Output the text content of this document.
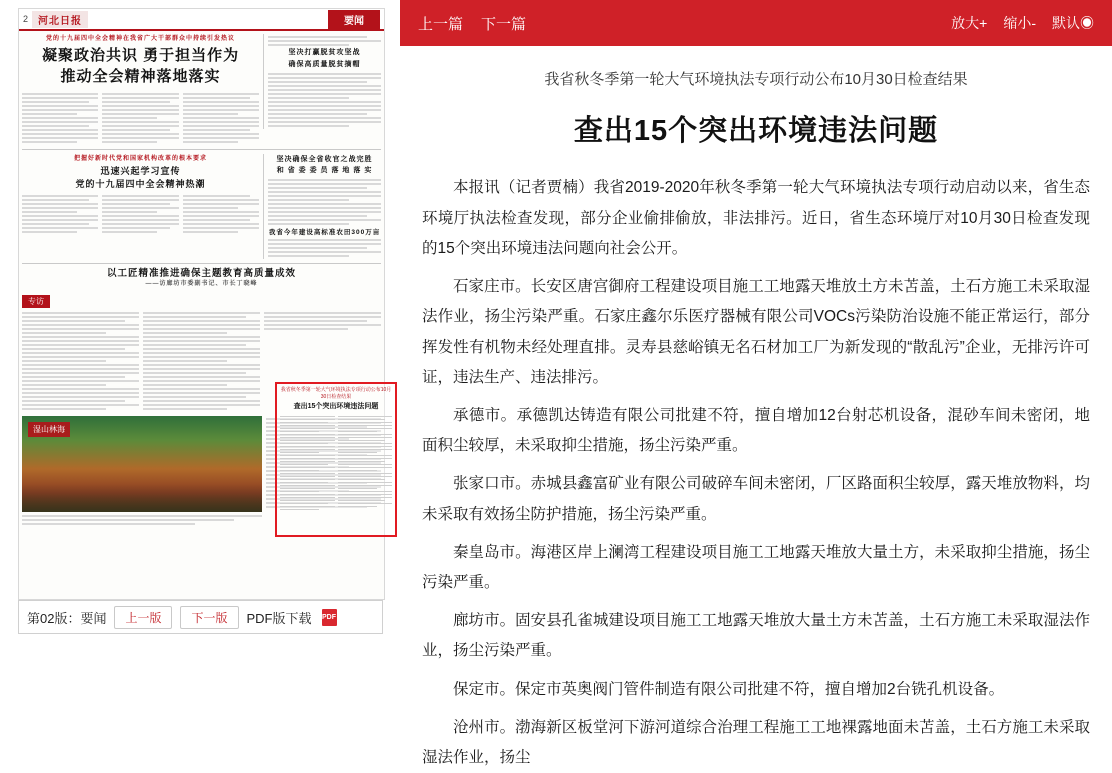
2	河北日报	要闻
党的十九届四中全会精神在我省广大干部群众中持续引发热议
凝聚政治共识 勇于担当作为
推动全会精神落地落实
坚决打赢脱贫攻坚战
确保高质量脱贫摘帽
把握好新时代党和国家机构改革的根本要求
迅速兴起学习宣传
党的十九届四中全会精神热潮
坚决确保全省收官之战完胜
和 省 委 委 员 落 地 落 实
我省今年建设高标准农田300万亩
以工匠精准推进确保主题教育高质量成效
——访廊坊市委副书记、市长丁晓峰
专访
湿山林海
我省秋冬季第一轮大气环境执法专项行动公布10月30日检查结果
查出15个突出环境违法问题
第02版：要闻	上一版	下一版	PDF版下载 PDF
上一篇 下一篇	放大+ 缩小- 默认◉
我省秋冬季第一轮大气环境执法专项行动公布10月30日检查结果
查出15个突出环境违法问题

本报讯（记者贾楠）我省2019-2020年秋冬季第一轮大气环境执法专项行动启动以来，省生态环境厅执法检查发现，部分企业偷排偷放，非法排污。近日，省生态环境厅对10月30日检查发现的15个突出环境违法问题向社会公开。

石家庄市。长安区唐宫御府工程建设项目施工工地露天堆放土方未苫盖，土石方施工未采取湿法作业，扬尘污染严重。石家庄鑫尔乐医疗器械有限公司VOCs污染防治设施不能正常运行，部分挥发性有机物未经处理直排。灵寿县慈峪镇无名石材加工厂为新发现的“散乱污”企业，无排污许可证，违法生产、违法排污。

承德市。承德凯达铸造有限公司批建不符，擅自增加12台射芯机设备，混砂车间未密闭，地面积尘较厚，未采取抑尘措施，扬尘污染严重。

张家口市。赤城县鑫富矿业有限公司破碎车间未密闭，厂区路面积尘较厚，露天堆放物料，均未采取有效扬尘防护措施，扬尘污染严重。

秦皇岛市。海港区岸上澜湾工程建设项目施工工地露天堆放大量土方，未采取抑尘措施，扬尘污染严重。

廊坊市。固安县孔雀城建设项目施工工地露天堆放大量土方未苫盖，土石方施工未采取湿法作业，扬尘污染严重。

保定市。保定市英奥阀门管件制造有限公司批建不符，擅自增加2台铣孔机设备。

沧州市。渤海新区板堂河下游河道综合治理工程施工工地裸露地面未苫盖，土石方施工未采取湿法作业，扬尘
